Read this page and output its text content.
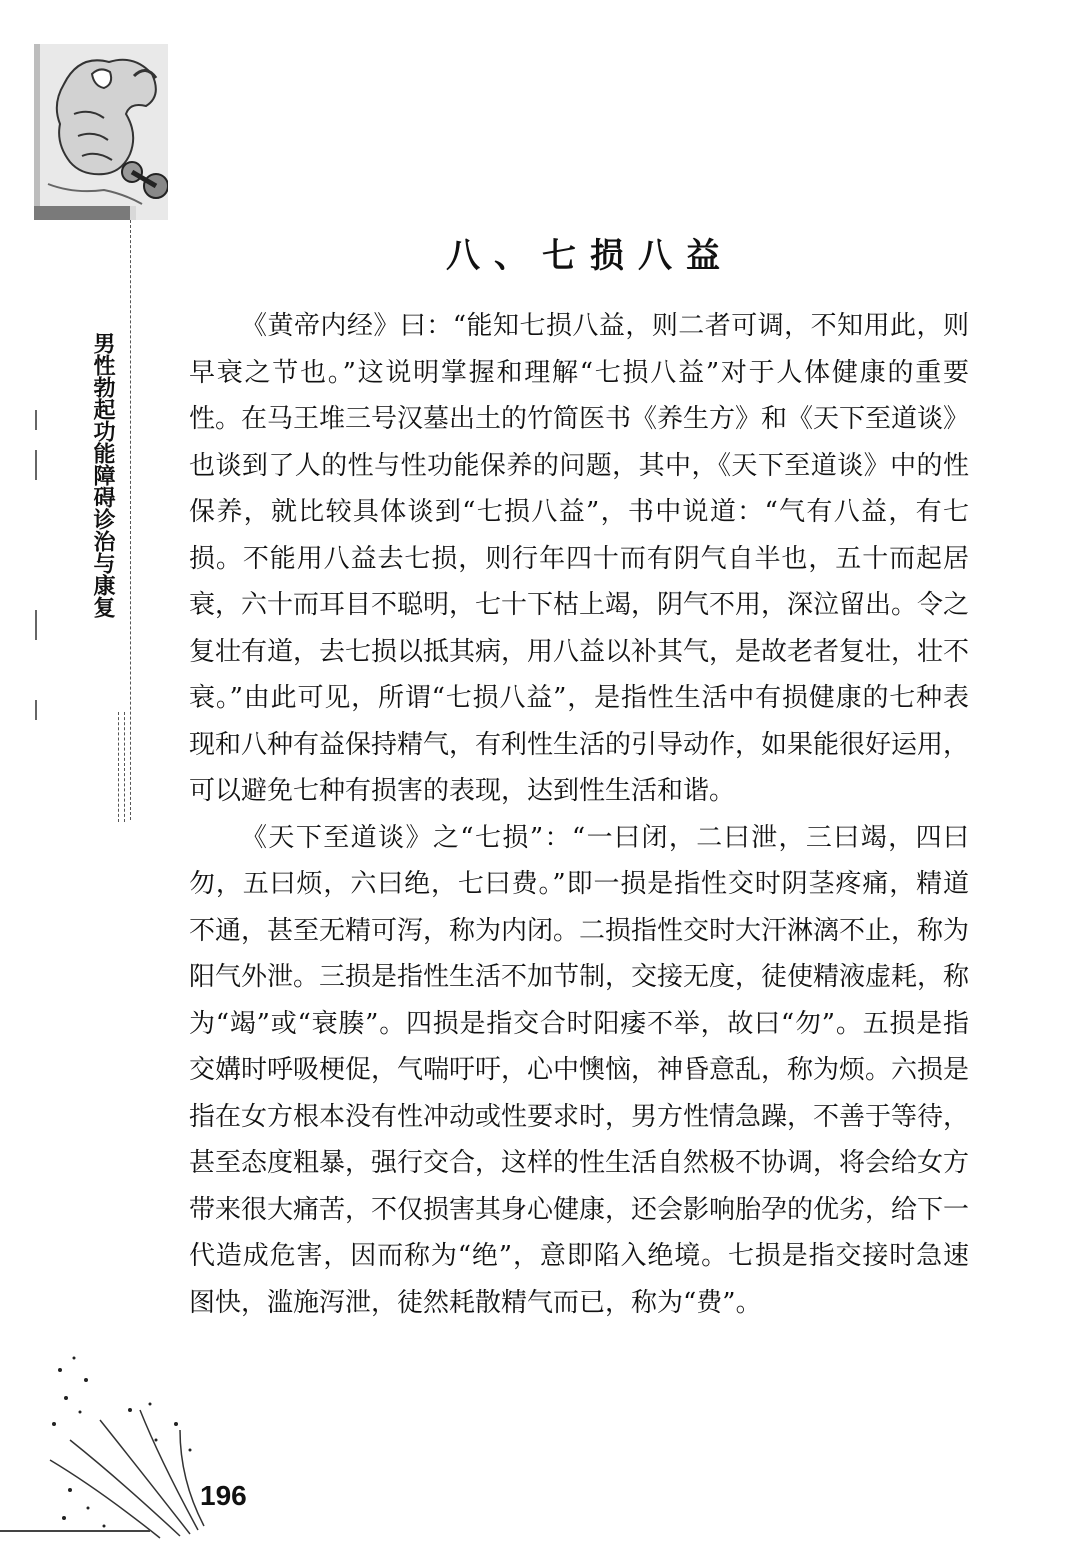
男性勃起功能障碍诊治与康复
八、七损八益

《黄帝内经》曰：“能知七损八益，则二者可调，不知用此，则早衰之节也。”这说明掌握和理解“七损八益”对于人体健康的重要性。在马王堆三号汉墓出土的竹简医书《养生方》和《天下至道谈》也谈到了人的性与性功能保养的问题，其中，《天下至道谈》中的性保养，就比较具体谈到“七损八益”，书中说道：“气有八益，有七损。不能用八益去七损，则行年四十而有阴气自半也，五十而起居衰，六十而耳目不聪明，七十下枯上竭，阴气不用，深泣留出。令之复壮有道，去七损以抵其病，用八益以补其气，是故老者复壮，壮不衰。”由此可见，所谓“七损八益”，是指性生活中有损健康的七种表现和八种有益保持精气，有利性生活的引导动作，如果能很好运用，可以避免七种有损害的表现，达到性生活和谐。

《天下至道谈》之“七损”：“一曰闭，二曰泄，三曰竭，四曰勿，五曰烦，六曰绝，七曰费。”即一损是指性交时阴茎疼痛，精道不通，甚至无精可泻，称为内闭。二损指性交时大汗淋漓不止，称为阳气外泄。三损是指性生活不加节制，交接无度，徒使精液虚耗，称为“竭”或“衰腠”。四损是指交合时阳痿不举，故曰“勿”。五损是指交媾时呼吸梗促，气喘吁吁，心中懊恼，神昏意乱，称为烦。六损是指在女方根本没有性冲动或性要求时，男方性情急躁，不善于等待，甚至态度粗暴，强行交合，这样的性生活自然极不协调，将会给女方带来很大痛苦，不仅损害其身心健康，还会影响胎孕的优劣，给下一代造成危害，因而称为“绝”，意即陷入绝境。七损是指交接时急速图快，滥施泻泄，徒然耗散精气而已，称为“费”。

196
